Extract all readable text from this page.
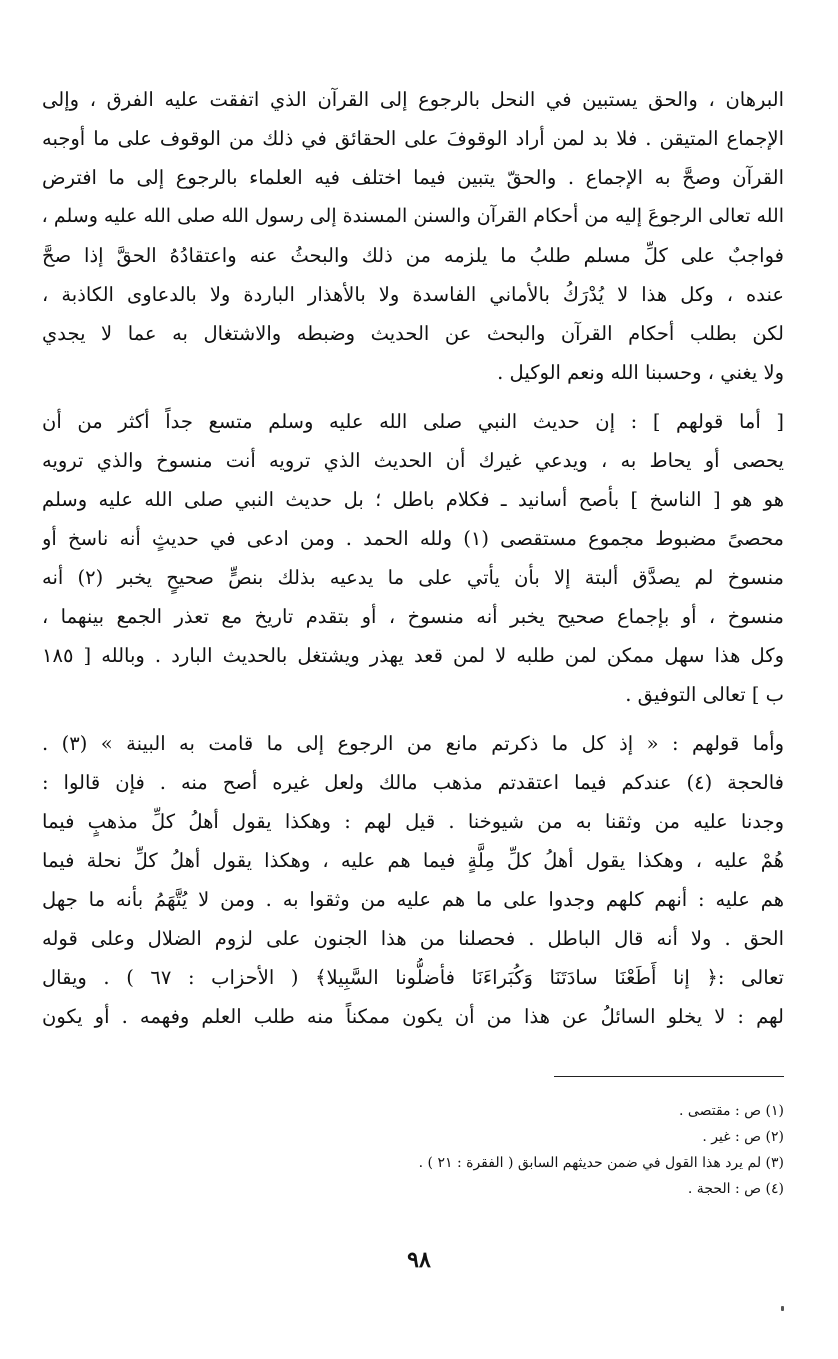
البرهان ، والحق يستبين في النحل بالرجوع إلى القرآن الذي اتفقت عليه الفرق ، وإلى
الإجماع المتيقن . فلا بد لمن أراد الوقوفَ على الحقائق في ذلك من الوقوف على ما أوجبه
القرآن وصحَّ به الإجماع . والحقّ يتبين فيما اختلف فيه العلماء بالرجوع إلى ما افترض
الله تعالى الرجوعَ إليه من أحكام القرآن والسنن المسندة إلى رسول الله صلى الله عليه وسلم ،
فواجبٌ على كلِّ مسلم طلبُ ما يلزمه من ذلك والبحثُ عنه واعتقادُهُ الحقَّ إذا صحَّ
عنده ، وكل هذا لا يُدْرَكُ بالأماني الفاسدة ولا بالأهذار الباردة ولا بالدعاوى الكاذبة ،
لكن بطلب أحكام القرآن والبحث عن الحديث وضبطه والاشتغال به عما لا يجدي
ولا يغني ، وحسبنا الله ونعم الوكيل .
[ أما قولهم ] : إن حديث النبي صلى الله عليه وسلم متسع جداً أكثر من أن
يحصى أو يحاط به ، ويدعي غيرك أن الحديث الذي ترويه أنت منسوخ والذي ترويه
هو هو [ الناسخ ] بأصح أسانيد ـ فكلام باطل ؛ بل حديث النبي صلى الله عليه وسلم
محصىً مضبوط مجموع مستقصى (١) ولله الحمد . ومن ادعى في حديثٍ أنه ناسخ أو
منسوخ لم يصدَّق ألبتة إلا بأن يأتي على ما يدعيه بذلك بنصٍّ صحيحٍ يخبر (٢) أنه
منسوخ ، أو بإجماع صحيح يخبر أنه منسوخ ، أو بتقدم تاريخ مع تعذر الجمع بينهما ،
وكل هذا سهل ممكن لمن طلبه لا لمن قعد يهذر ويشتغل بالحديث البارد . وبالله [ ١٨٥
ب ] تعالى التوفيق .
وأما قولهم : « إذ كل ما ذكرتم مانع من الرجوع إلى ما قامت به البينة » (٣) .
فالحجة (٤) عندكم فيما اعتقدتم مذهب مالك ولعل غيره أصح منه . فإن قالوا :
وجدنا عليه من وثقنا به من شيوخنا . قيل لهم : وهكذا يقول أهلُ كلِّ مذهبٍ فيما
هُمْ عليه ، وهكذا يقول أهلُ كلِّ مِلَّةٍ فيما هم عليه ، وهكذا يقول أهلُ كلِّ نحلة فيما
هم عليه : أنهم كلهم وجدوا على ما هم عليه من وثقوا به . ومن لا يُتَّهَمُ بأنه ما جهل
الحق . ولا أنه قال الباطل . فحصلنا من هذا الجنون على لزوم الضلال وعلى قوله
تعالى :﴿ إنا أَطَعْنَا سادَتَنَا وَكُبَراءَنَا فأضلُّونا السَّبِيلا﴾ ( الأحزاب : ٦٧ ) . ويقال
لهم : لا يخلو السائلُ عن هذا من أن يكون ممكناً منه طلب العلم وفهمه . أو يكون
(١) ص : مقتصى .
(٢) ص : غير .
(٣) لم يرد هذا القول في ضمن حديثهم السابق ( الفقرة : ٢١ ) .
(٤) ص : الحجة .
٩٨
